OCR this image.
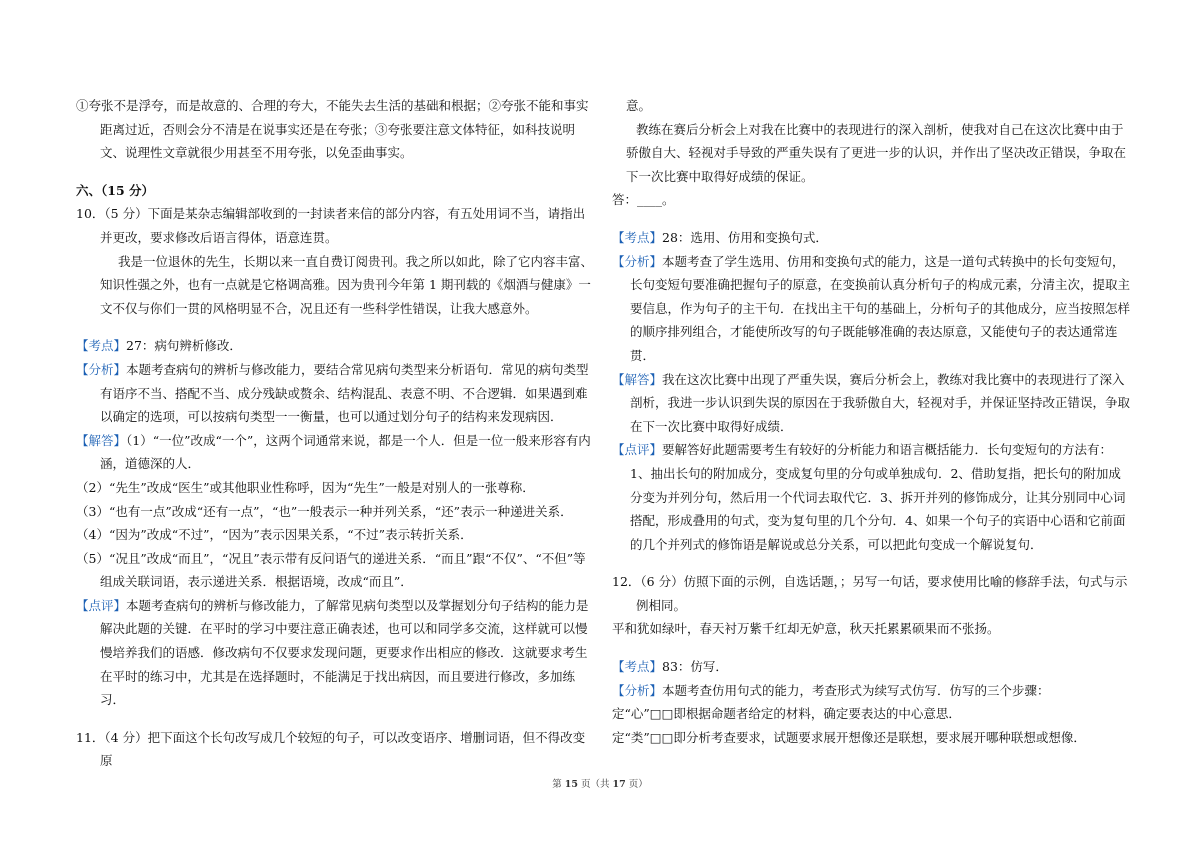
①夸张不是浮夸，而是故意的、合理的夸大，不能失去生活的基础和根据；②夸张不能和事实距离过近，否则会分不清是在说事实还是在夸张；③夸张要注意文体特征，如科技说明文、说理性文章就很少用甚至不用夸张，以免歪曲事实。

六、（15 分）

10．（5 分）下面是某杂志编辑部收到的一封读者来信的部分内容，有五处用词不当，请指出并更改，要求修改后语言得体，语意连贯。

我是一位退休的先生，长期以来一直自费订阅贵刊。我之所以如此，除了它内容丰富、知识性强之外，也有一点就是它格调高雅。因为贵刊今年第 1 期刊载的《烟酒与健康》一文不仅与你们一贯的风格明显不合，况且还有一些科学性错误，让我大感意外。

【考点】27：病句辨析修改．

【分析】本题考查病句的辨析与修改能力，要结合常见病句类型来分析语句．常见的病句类型有语序不当、搭配不当、成分残缺或赘余、结构混乱、表意不明、不合逻辑．如果遇到难以确定的选项，可以按病句类型一一衡量，也可以通过划分句子的结构来发现病因．

【解答】（1）“一位”改成“一个”，这两个词通常来说，都是一个人．但是一位一般来形容有内涵，道德深的人．

（2）“先生”改成“医生”或其他职业性称呼，因为“先生”一般是对别人的一张尊称．

（3）“也有一点”改成“还有一点”，“也”一般表示一种并列关系，“还”表示一种递进关系．

（4）“因为”改成“不过”，“因为”表示因果关系，“不过”表示转折关系．

（5）“况且”改成“而且”，“况且”表示带有反问语气的递进关系．“而且”跟“不仅”、“不但”等组成关联词语，表示递进关系．根据语境，改成“而且”．

【点评】本题考查病句的辨析与修改能力，了解常见病句类型以及掌握划分句子结构的能力是解决此题的关键．在平时的学习中要注意正确表述，也可以和同学多交流，这样就可以慢慢培养我们的语感．修改病句不仅要求发现问题，更要求作出相应的修改．这就要求考生在平时的练习中，尤其是在选择题时，不能满足于找出病因，而且要进行修改，多加练习．

11．（4 分）把下面这个长句改写成几个较短的句子，可以改变语序、增删词语，但不得改变原

意。

教练在赛后分析会上对我在比赛中的表现进行的深入剖析，使我对自己在这次比赛中由于骄傲自大、轻视对手导致的严重失误有了更进一步的认识，并作出了坚决改正错误，争取在下一次比赛中取得好成绩的保证。

答：____。

【考点】28：选用、仿用和变换句式．

【分析】本题考查了学生选用、仿用和变换句式的能力，这是一道句式转换中的长句变短句，长句变短句要准确把握句子的原意，在变换前认真分析句子的构成元素，分清主次，提取主要信息，作为句子的主干句．在找出主干句的基础上，分析句子的其他成分，应当按照怎样的顺序排列组合，才能使所改写的句子既能够准确的表达原意，又能使句子的表达通常连贯．

【解答】我在这次比赛中出现了严重失误，赛后分析会上，教练对我比赛中的表现进行了深入剖析，我进一步认识到失误的原因在于我骄傲自大，轻视对手，并保证坚持改正错误，争取在下一次比赛中取得好成绩．

【点评】要解答好此题需要考生有较好的分析能力和语言概括能力．长句变短句的方法有：1、抽出长句的附加成分，变成复句里的分句或单独成句．2、借助复指，把长句的附加成分变为并列分句，然后用一个代词去取代它．3、拆开并列的修饰成分，让其分别同中心词搭配，形成叠用的句式，变为复句里的几个分句．4、如果一个句子的宾语中心语和它前面的几个并列式的修饰语是解说或总分关系，可以把此句变成一个解说复句．

12．（6 分）仿照下面的示例，自选话题，；另写一句话，要求使用比喻的修辞手法，句式与示例相同。

平和犹如绿叶，春天衬万紫千红却无妒意，秋天托累累硕果而不张扬。

【考点】83：仿写．

【分析】本题考查仿用句式的能力，考查形式为续写式仿写．仿写的三个步骤：

定“心”□□即根据命题者给定的材料，确定要表达的中心意思．

定“类”□□即分析考查要求，试题要求展开想像还是联想，要求展开哪种联想或想像．

第 15 页（共 17 页）
